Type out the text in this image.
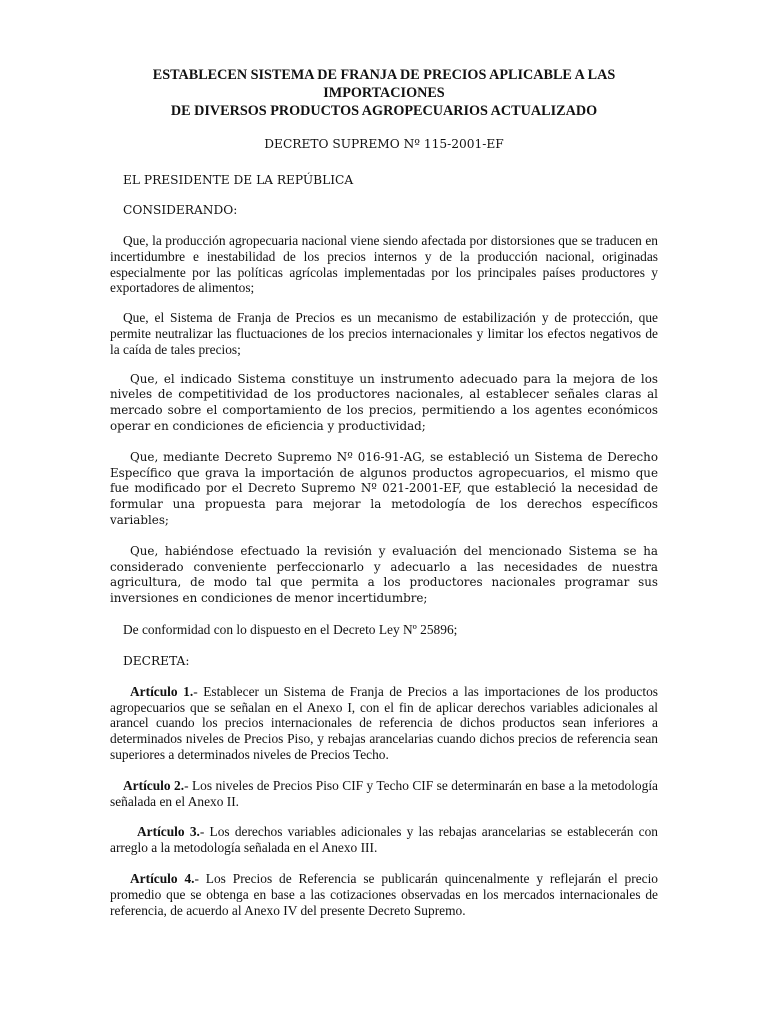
ESTABLECEN SISTEMA DE FRANJA DE PRECIOS APLICABLE A LAS IMPORTACIONES
DE DIVERSOS PRODUCTOS AGROPECUARIOS ACTUALIZADO

DECRETO SUPREMO Nº 115-2001-EF

EL PRESIDENTE DE LA REPÚBLICA

CONSIDERANDO:

Que, la producción agropecuaria nacional viene siendo afectada por distorsiones que se traducen en incertidumbre e inestabilidad de los precios internos y de la producción nacional, originadas especialmente por las políticas agrícolas implementadas por los principales países productores y exportadores de alimentos;

Que, el Sistema de Franja de Precios es un mecanismo de estabilización y de protección, que permite neutralizar las fluctuaciones de los precios internacionales y limitar los efectos negativos de la caída de tales precios;

Que, el indicado Sistema constituye un instrumento adecuado para la mejora de los niveles de competitividad de los productores nacionales, al establecer señales claras al mercado sobre el comportamiento de los precios, permitiendo a los agentes económicos operar en condiciones de eficiencia y productividad;

Que, mediante Decreto Supremo Nº 016-91-AG, se estableció un Sistema de Derecho Específico que grava la importación de algunos productos agropecuarios, el mismo que fue modificado por el Decreto Supremo Nº 021-2001-EF, que estableció la necesidad de formular una propuesta para mejorar la metodología de los derechos específicos variables;

Que, habiéndose efectuado la revisión y evaluación del mencionado Sistema se ha considerado conveniente perfeccionarlo y adecuarlo a las necesidades de nuestra agricultura, de modo tal que permita a los productores nacionales programar sus inversiones en condiciones de menor incertidumbre;

De conformidad con lo dispuesto en el Decreto Ley Nº 25896;

DECRETA:

Artículo 1.- Establecer un Sistema de Franja de Precios a las importaciones de los productos agropecuarios que se señalan en el Anexo I, con el fin de aplicar derechos variables adicionales al arancel cuando los precios internacionales de referencia de dichos productos sean inferiores a determinados niveles de Precios Piso, y rebajas arancelarias cuando dichos precios de referencia sean superiores a determinados niveles de Precios Techo.

Artículo 2.- Los niveles de Precios Piso CIF y Techo CIF se determinarán en base a la metodología señalada en el Anexo II.

Artículo 3.- Los derechos variables adicionales y las rebajas arancelarias se establecerán con arreglo a la metodología señalada en el Anexo III.

Artículo 4.- Los Precios de Referencia se publicarán quincenalmente y reflejarán el precio promedio que se obtenga en base a las cotizaciones observadas en los mercados internacionales de referencia, de acuerdo al Anexo IV del presente Decreto Supremo.
